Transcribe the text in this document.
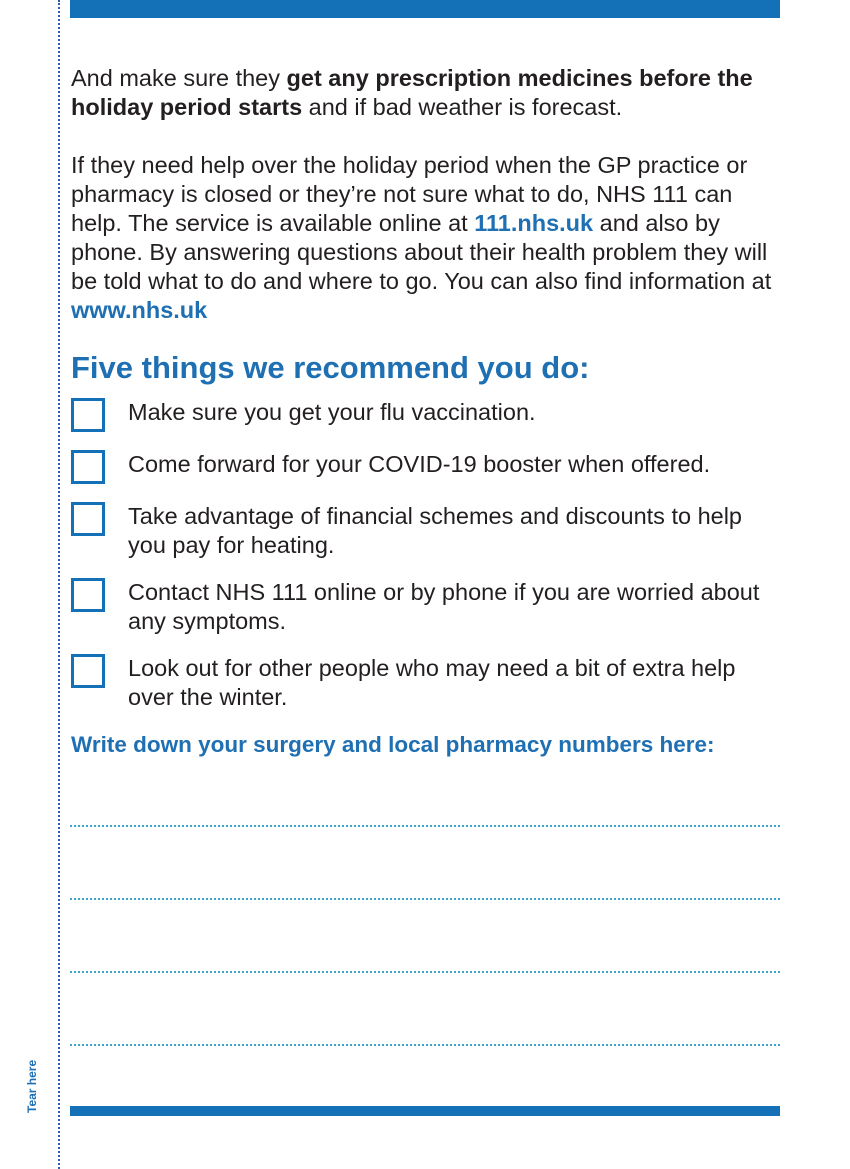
Tear here

And make sure they get any prescription medicines before the holiday period starts and if bad weather is forecast.

If they need help over the holiday period when the GP practice or pharmacy is closed or they’re not sure what to do, NHS 111 can help. The service is available online at 111.nhs.uk and also by phone. By answering questions about their health problem they will be told what to do and where to go. You can also find information at www.nhs.uk

Five things we recommend you do:
Make sure you get your flu vaccination.
Come forward for your COVID-19 booster when offered.
Take advantage of financial schemes and discounts to help you pay for heating.
Contact NHS 111 online or by phone if you are worried about any symptoms.
Look out for other people who may need a bit of extra help over the winter.
Write down your surgery and local pharmacy numbers here:
